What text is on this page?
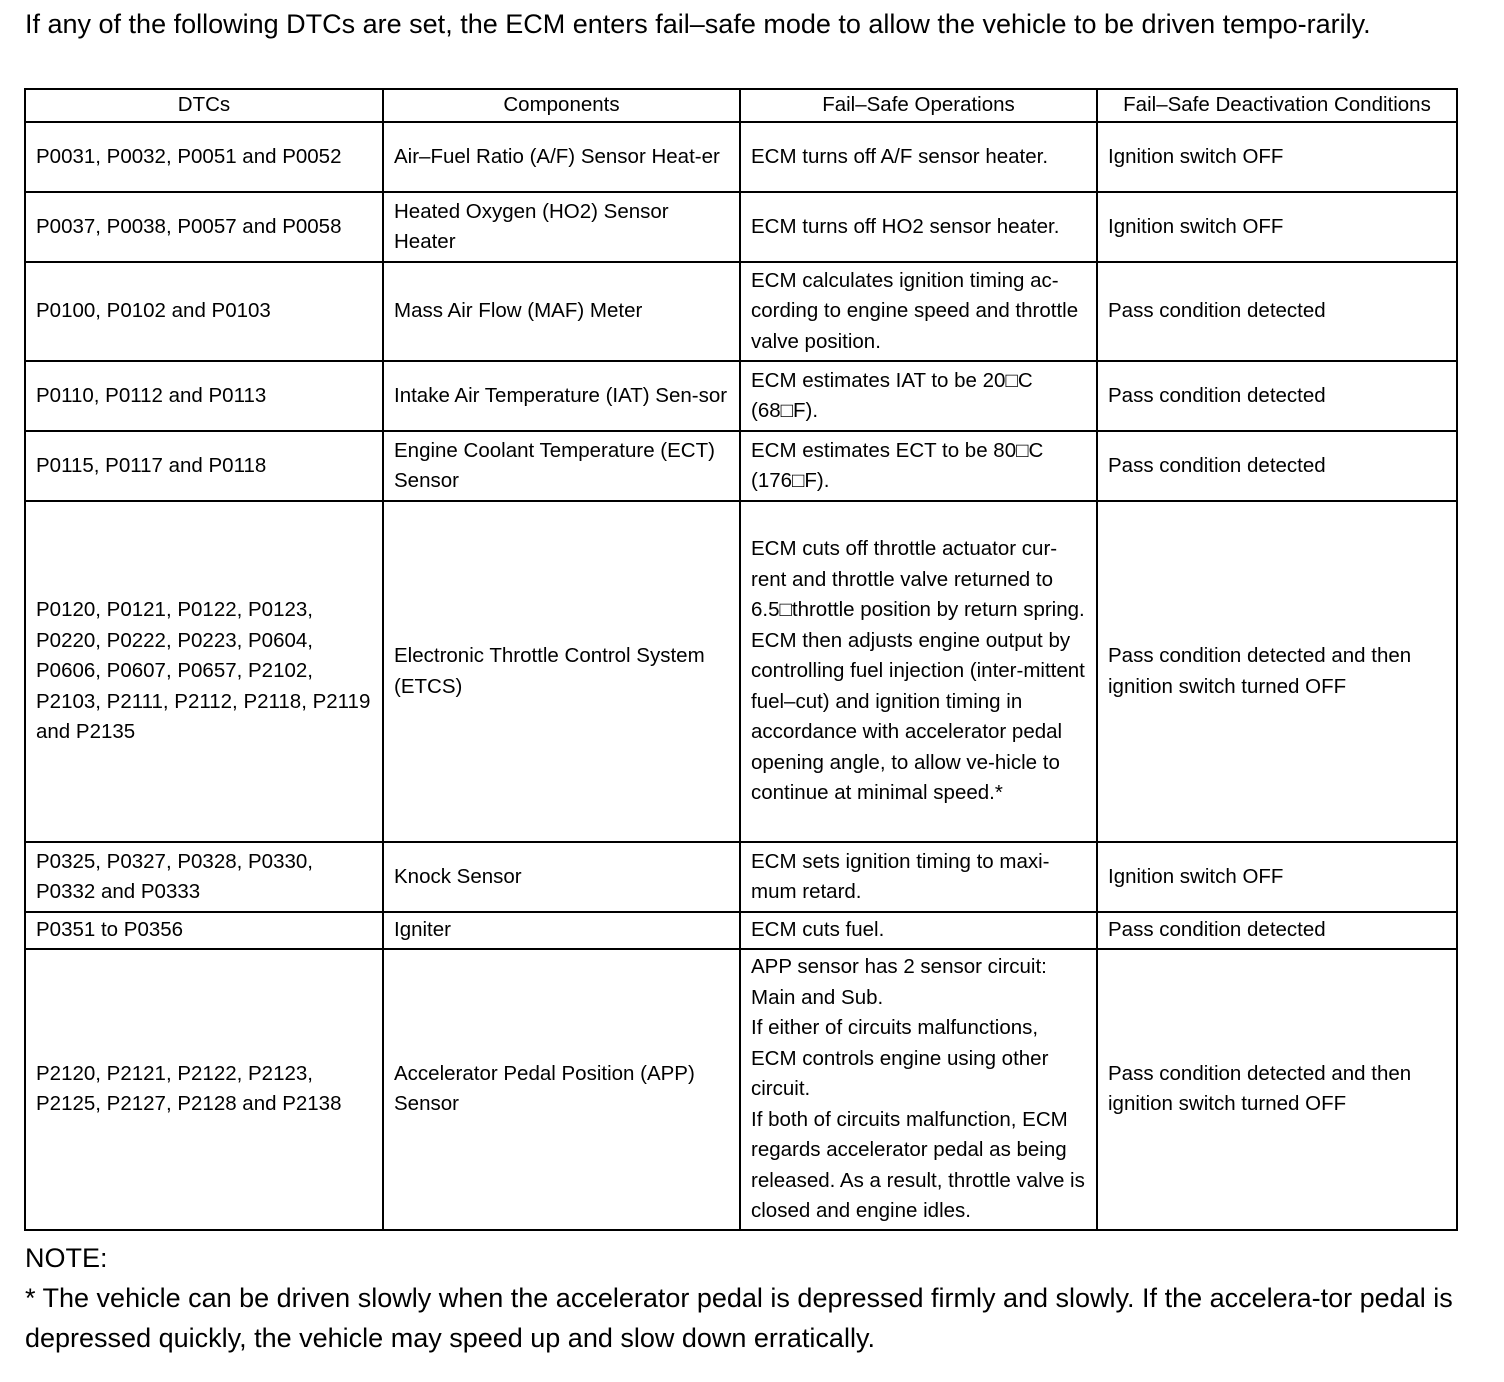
If any of the following DTCs are set, the ECM enters fail–safe mode to allow the vehicle to be driven tempo-rarily.

DTCs	Components	Fail–Safe Operations	Fail–Safe Deactivation Conditions
P0031, P0032, P0051 and P0052	Air–Fuel Ratio (A/F) Sensor Heat-er	ECM turns off A/F sensor heater.	Ignition switch OFF
P0037, P0038, P0057 and P0058	Heated Oxygen (HO2) Sensor Heater	ECM turns off HO2 sensor heater.	Ignition switch OFF
P0100, P0102 and P0103	Mass Air Flow (MAF) Meter	ECM calculates ignition timing ac-cording to engine speed and throttle valve position.	Pass condition detected
P0110, P0112 and P0113	Intake Air Temperature (IAT) Sen-sor	ECM estimates IAT to be 20□C (68□F).	Pass condition detected
P0115, P0117 and P0118	Engine Coolant Temperature (ECT) Sensor	ECM estimates ECT to be 80□C (176□F).	Pass condition detected
P0120, P0121, P0122, P0123, P0220, P0222, P0223, P0604, P0606, P0607, P0657, P2102, P2103, P2111, P2112, P2118, P2119 and P2135	Electronic Throttle Control System (ETCS)	ECM cuts off throttle actuator cur-rent and throttle valve returned to 6.5□throttle position by return spring.
ECM then adjusts engine output by controlling fuel injection (inter-mittent fuel–cut) and ignition timing in accordance with accelerator pedal opening angle, to allow ve-hicle to continue at minimal speed.*	Pass condition detected and then ignition switch turned OFF
P0325, P0327, P0328, P0330, P0332 and P0333	Knock Sensor	ECM sets ignition timing to maxi-mum retard.	Ignition switch OFF
P0351 to P0356	Igniter	ECM cuts fuel.	Pass condition detected
P2120, P2121, P2122, P2123, P2125, P2127, P2128 and P2138	Accelerator Pedal Position (APP) Sensor	APP sensor has 2 sensor circuit: Main and Sub.
If either of circuits malfunctions, ECM controls engine using other circuit.
If both of circuits malfunction, ECM regards accelerator pedal as being released. As a result, throttle valve is closed and engine idles.	Pass condition detected and then ignition switch turned OFF

NOTE:

* The vehicle can be driven slowly when the accelerator pedal is depressed firmly and slowly. If the accelera-tor pedal is depressed quickly, the vehicle may speed up and slow down erratically.
